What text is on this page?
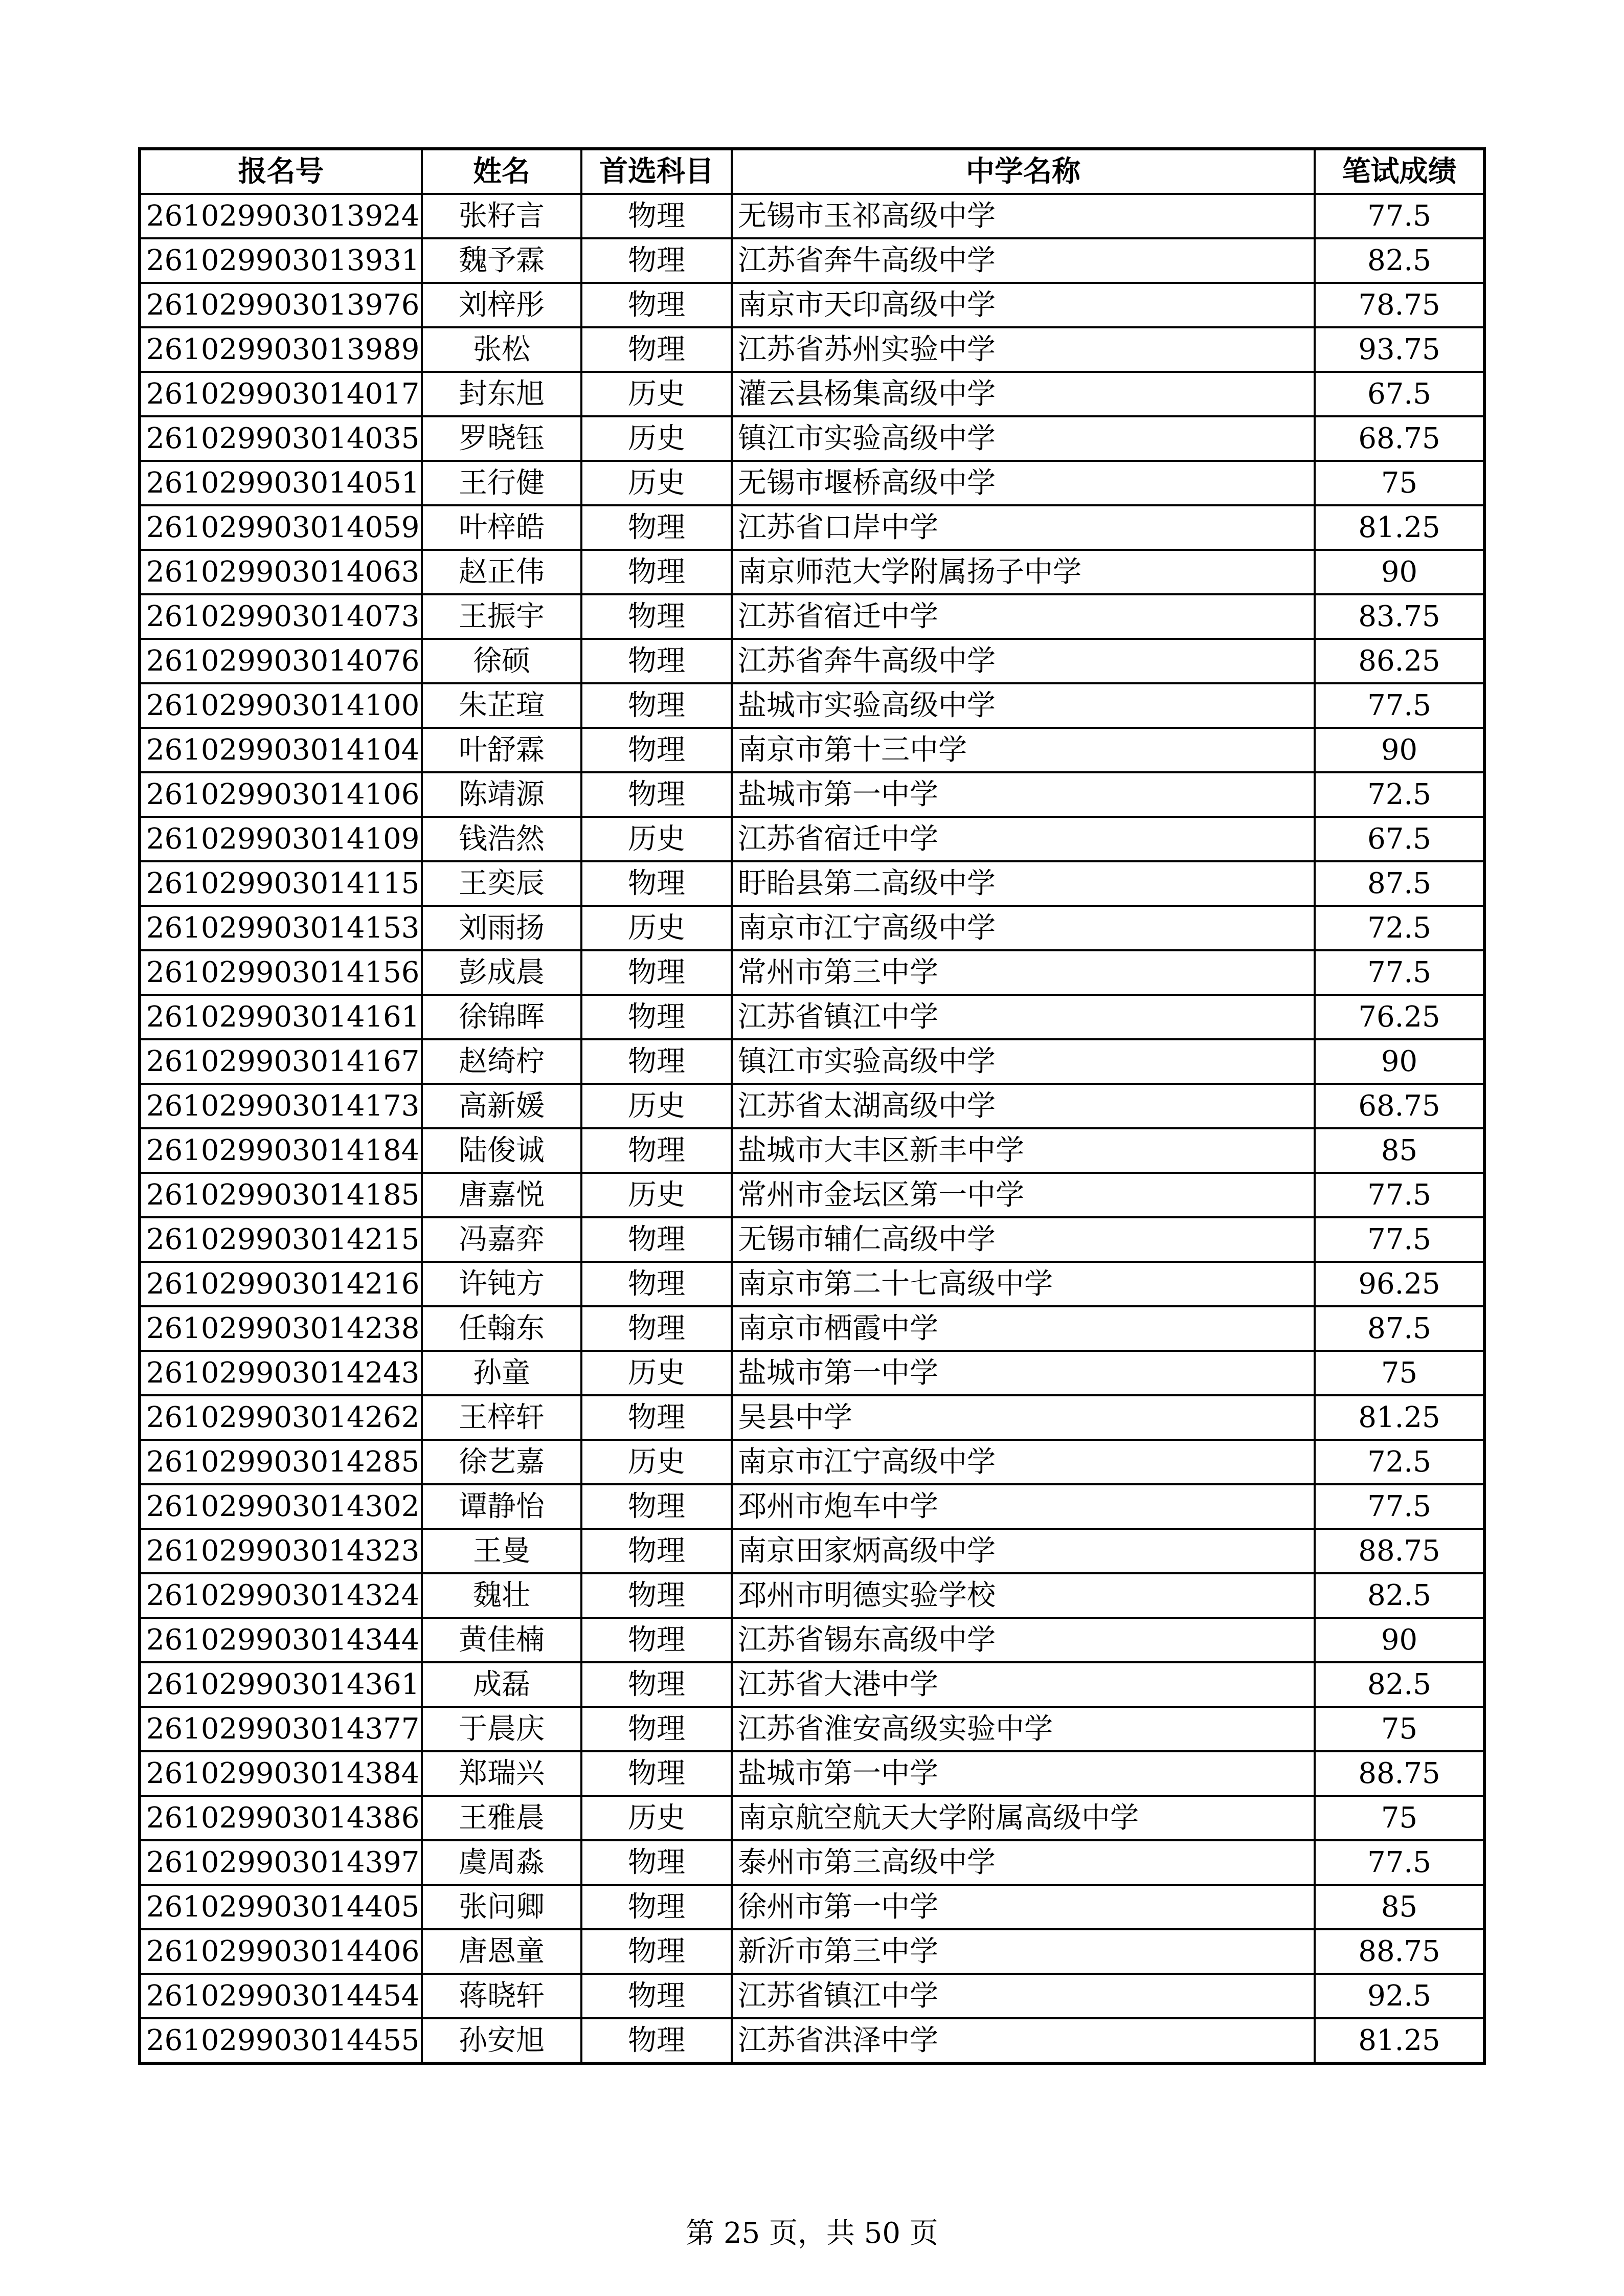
报名号	姓名	首选科目	中学名称	笔试成绩
261029903013924	张籽言	物理	无锡市玉祁高级中学	77.5
261029903013931	魏予霖	物理	江苏省奔牛高级中学	82.5
261029903013976	刘梓彤	物理	南京市天印高级中学	78.75
261029903013989	张松	物理	江苏省苏州实验中学	93.75
261029903014017	封东旭	历史	灌云县杨集高级中学	67.5
261029903014035	罗晓钰	历史	镇江市实验高级中学	68.75
261029903014051	王行健	历史	无锡市堰桥高级中学	75
261029903014059	叶梓皓	物理	江苏省口岸中学	81.25
261029903014063	赵正伟	物理	南京师范大学附属扬子中学	90
261029903014073	王振宇	物理	江苏省宿迁中学	83.75
261029903014076	徐硕	物理	江苏省奔牛高级中学	86.25
261029903014100	朱芷瑄	物理	盐城市实验高级中学	77.5
261029903014104	叶舒霖	物理	南京市第十三中学	90
261029903014106	陈靖源	物理	盐城市第一中学	72.5
261029903014109	钱浩然	历史	江苏省宿迁中学	67.5
261029903014115	王奕辰	物理	盱眙县第二高级中学	87.5
261029903014153	刘雨扬	历史	南京市江宁高级中学	72.5
261029903014156	彭成晨	物理	常州市第三中学	77.5
261029903014161	徐锦晖	物理	江苏省镇江中学	76.25
261029903014167	赵绮柠	物理	镇江市实验高级中学	90
261029903014173	高新媛	历史	江苏省太湖高级中学	68.75
261029903014184	陆俊诚	物理	盐城市大丰区新丰中学	85
261029903014185	唐嘉悦	历史	常州市金坛区第一中学	77.5
261029903014215	冯嘉弈	物理	无锡市辅仁高级中学	77.5
261029903014216	许钝方	物理	南京市第二十七高级中学	96.25
261029903014238	任翰东	物理	南京市栖霞中学	87.5
261029903014243	孙童	历史	盐城市第一中学	75
261029903014262	王梓轩	物理	吴县中学	81.25
261029903014285	徐艺嘉	历史	南京市江宁高级中学	72.5
261029903014302	谭静怡	物理	邳州市炮车中学	77.5
261029903014323	王曼	物理	南京田家炳高级中学	88.75
261029903014324	魏壮	物理	邳州市明德实验学校	82.5
261029903014344	黄佳楠	物理	江苏省锡东高级中学	90
261029903014361	成磊	物理	江苏省大港中学	82.5
261029903014377	于晨庆	物理	江苏省淮安高级实验中学	75
261029903014384	郑瑞兴	物理	盐城市第一中学	88.75
261029903014386	王雅晨	历史	南京航空航天大学附属高级中学	75
261029903014397	虞周淼	物理	泰州市第三高级中学	77.5
261029903014405	张问卿	物理	徐州市第一中学	85
261029903014406	唐恩童	物理	新沂市第三中学	88.75
261029903014454	蒋晓轩	物理	江苏省镇江中学	92.5
261029903014455	孙安旭	物理	江苏省洪泽中学	81.25
第 25 页，共 50 页
